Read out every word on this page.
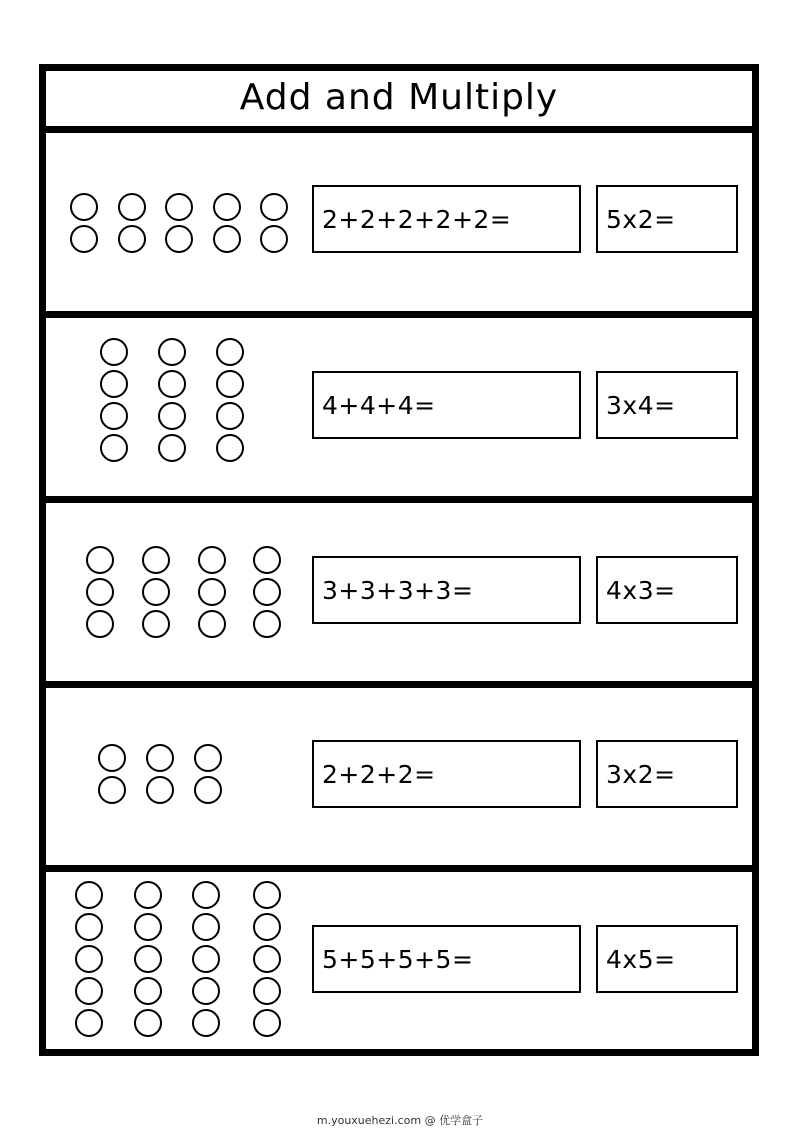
Add and Multiply
2+2+2+2+2=	5x2=
4+4+4=	3x4=
3+3+3+3=	4x3=
2+2+2=	3x2=
5+5+5+5=	4x5=
m.youxuehezi.com @ 优学盒子
